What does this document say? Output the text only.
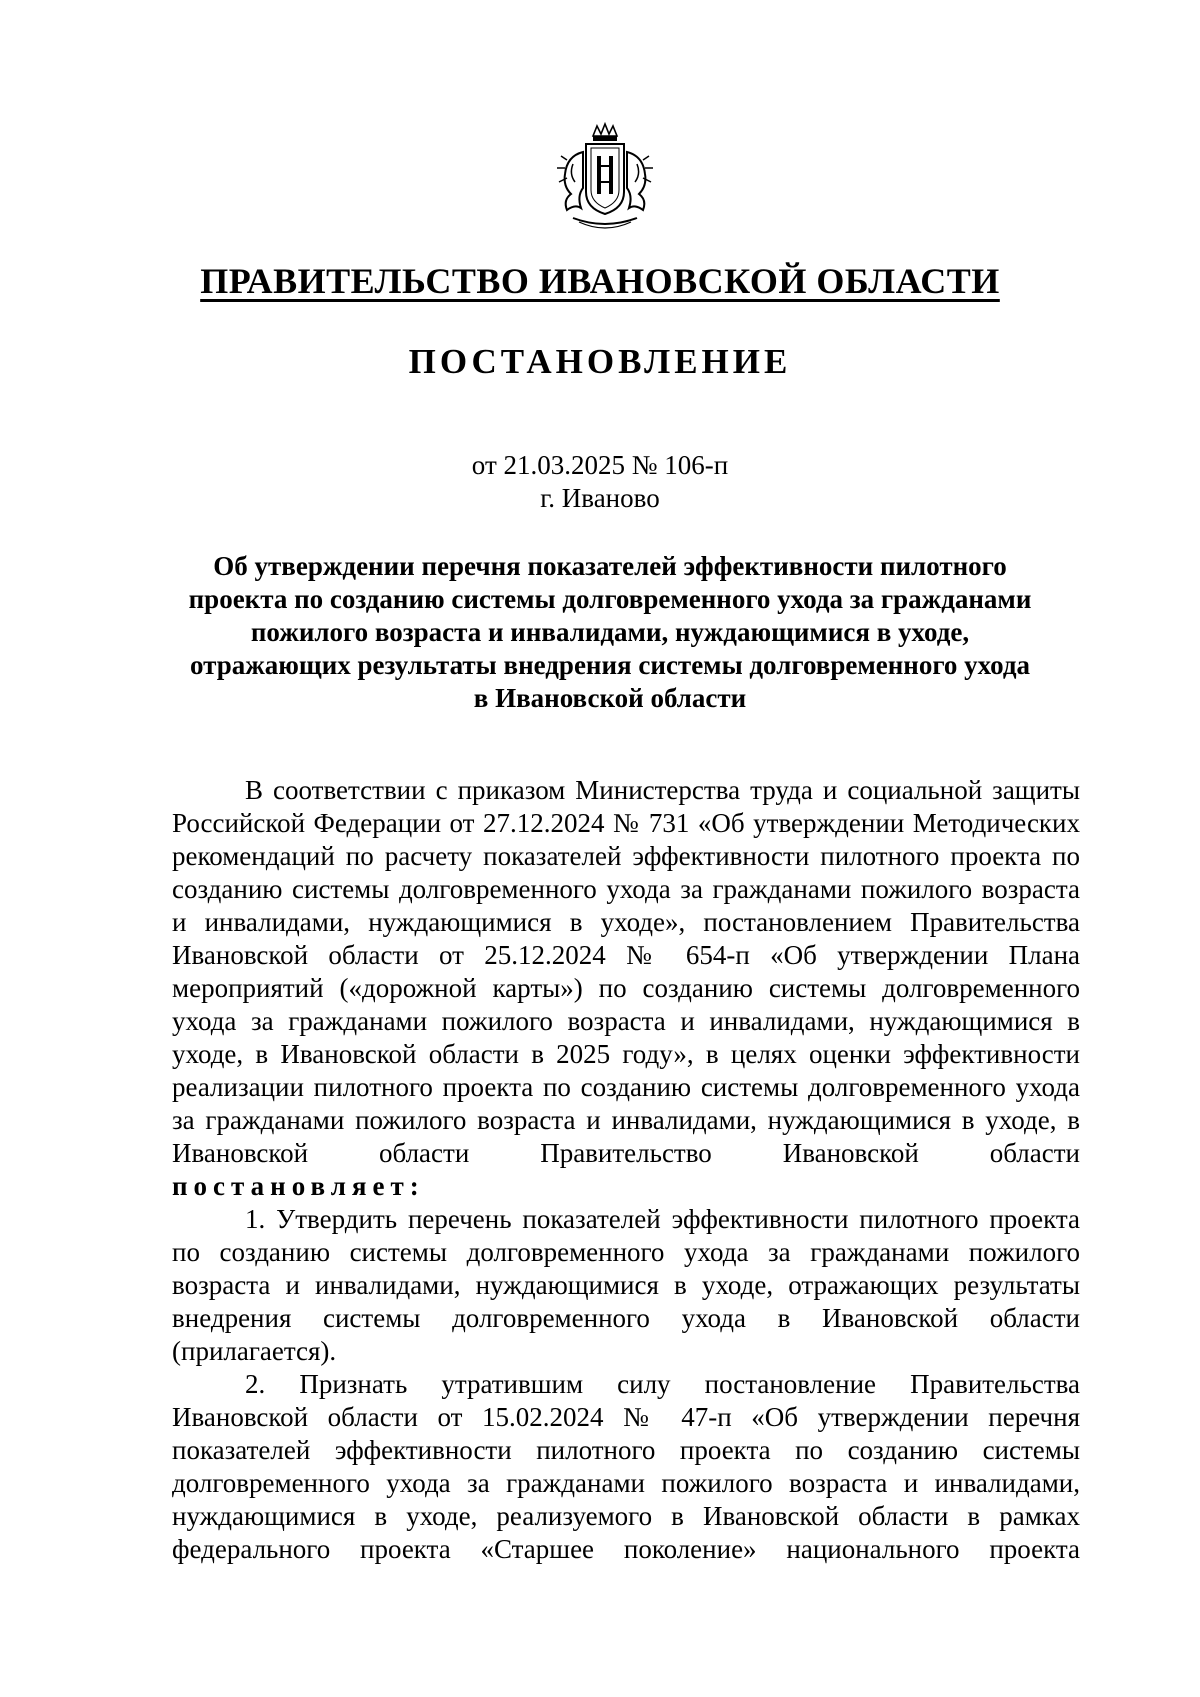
ПРАВИТЕЛЬСТВО ИВАНОВСКОЙ ОБЛАСТИ
ПОСТАНОВЛЕНИЕ
от 21.03.2025 № 106-п
г. Иваново
Об утверждении перечня показателей эффективности пилотного
проекта по созданию системы долговременного ухода за гражданами
пожилого возраста и инвалидами, нуждающимися в уходе,
отражающих результаты внедрения системы долговременного ухода
в Ивановской области

В соответствии с приказом Министерства труда и социальной защиты Российской Федерации от 27.12.2024 № 731 «Об утверждении Методических рекомендаций по расчету показателей эффективности пилотного проекта по созданию системы долговременного ухода за гражданами пожилого возраста и инвалидами, нуждающимися в уходе», постановлением Правительства Ивановской области от 25.12.2024 № 654-п «Об утверждении Плана мероприятий («дорожной карты») по созданию системы долговременного ухода за гражданами пожилого возраста и инвалидами, нуждающимися в уходе, в Ивановской области в 2025 году», в целях оценки эффективности реализации пилотного проекта по созданию системы долговременного ухода за гражданами пожилого возраста и инвалидами, нуждающимися в уходе, в Ивановской области Правительство Ивановской области постановляет:

1. Утвердить перечень показателей эффективности пилотного проекта по созданию системы долговременного ухода за гражданами пожилого возраста и инвалидами, нуждающимися в уходе, отражающих результаты внедрения системы долговременного ухода в Ивановской области (прилагается).

2. Признать утратившим силу постановление Правительства Ивановской области от 15.02.2024 № 47-п «Об утверждении перечня показателей эффективности пилотного проекта по созданию системы долговременного ухода за гражданами пожилого возраста и инвалидами, нуждающимися в уходе, реализуемого в Ивановской области в рамках федерального проекта «Старшее поколение» национального проекта
